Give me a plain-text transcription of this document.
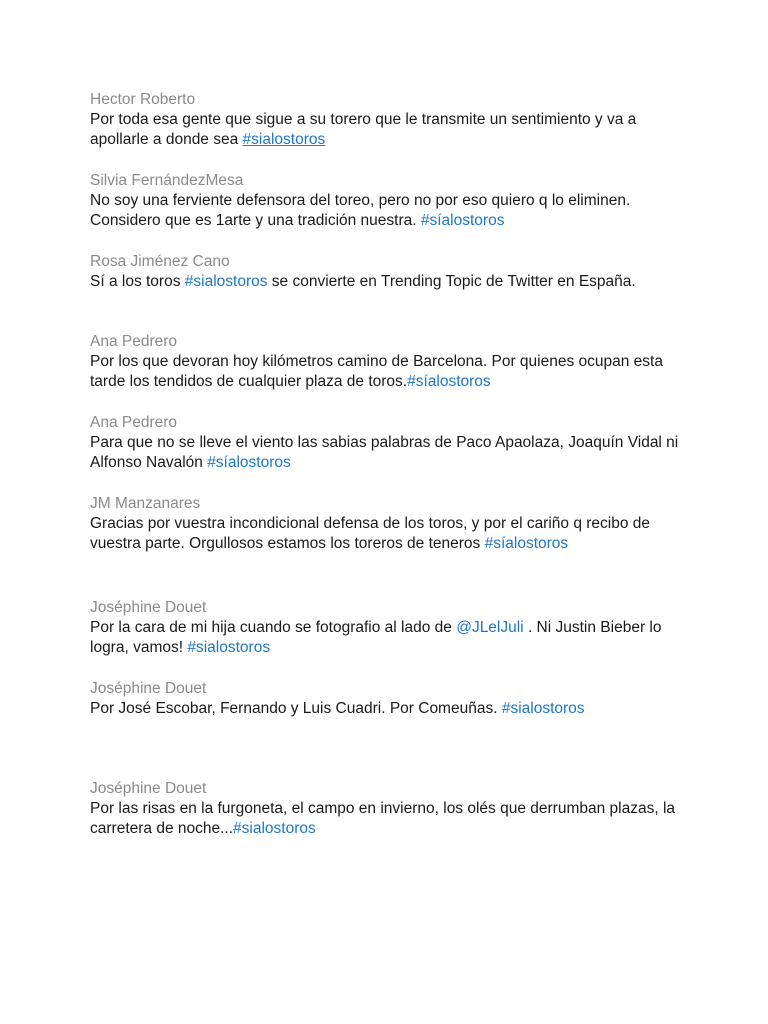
Hector Roberto
Por toda esa gente que sigue a su torero que le transmite un sentimiento y va a apollarle a donde sea #sialostoros
Silvia FernándezMesa
No soy una ferviente defensora del toreo, pero no por eso quiero q lo eliminen. Considero que es 1arte y una tradición nuestra. #síalostoros
Rosa Jiménez Cano
Sí a los toros #sialostoros se convierte en Trending Topic de Twitter en España.
Ana Pedrero
Por los que devoran hoy kilómetros camino de Barcelona. Por quienes ocupan esta tarde los tendidos de cualquier plaza de toros.#síalostoros
Ana Pedrero
Para que no se lleve el viento las sabias palabras de Paco Apaolaza, Joaquín Vidal ni Alfonso Navalón #síalostoros
JM Manzanares
Gracias por vuestra incondicional defensa de los toros, y por el cariño q recibo de vuestra parte. Orgullosos estamos los toreros de teneros #síalostoros
Joséphine Douet
Por la cara de mi hija cuando se fotografio al lado de @JLelJuli . Ni Justin Bieber lo logra, vamos! #sialostoros
Joséphine Douet
Por José Escobar, Fernando y Luis Cuadri. Por Comeuñas. #sialostoros
Joséphine Douet
Por las risas en la furgoneta, el campo en invierno, los olés que derrumban plazas, la carretera de noche...#sialostoros
